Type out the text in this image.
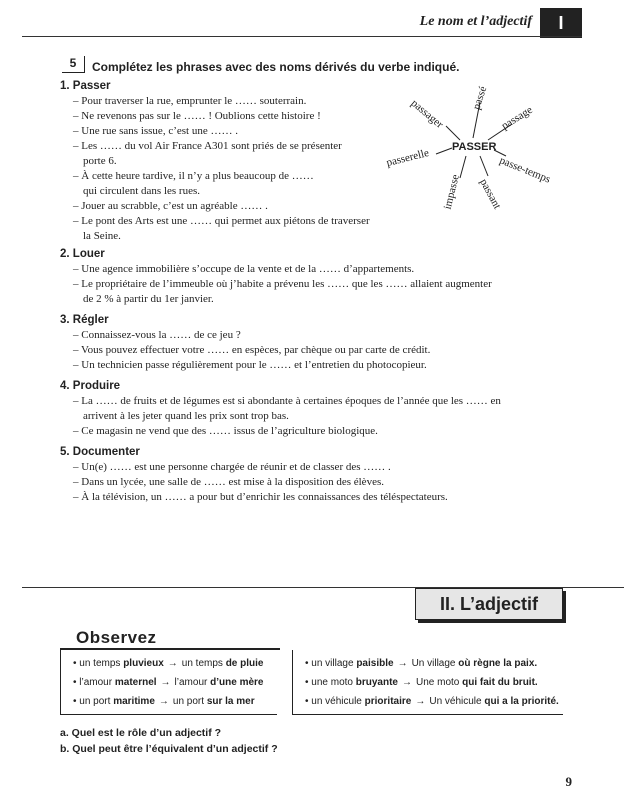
Le nom et l’adjectif	I
5	Complétez les phrases avec des noms dérivés du verbe indiqué.
1. Passer
– Pour traverser la rue, emprunter le …… souterrain.
– Ne revenons pas sur le …… ! Oublions cette histoire !
– Une rue sans issue, c’est une …… .
– Les …… du vol Air France A301 sont priés de se présenter
porte 6.
– À cette heure tardive, il n’y a plus beaucoup de ……
qui circulent dans les rues.
– Jouer au scrabble, c’est un agréable …… .
– Le pont des Arts est une …… qui permet aux piétons de traverser
la Seine.
2. Louer
– Une agence immobilière s’occupe de la vente et de la …… d’appartements.
– Le propriétaire de l’immeuble où j’habite a prévenu les …… que les …… allaient augmenter
de 2 % à partir du 1er janvier.
3. Régler
– Connaissez-vous la …… de ce jeu ?
– Vous pouvez effectuer votre …… en espèces, par chèque ou par carte de crédit.
– Un technicien passe régulièrement pour le …… et l’entretien du photocopieur.
4. Produire
– La …… de fruits et de légumes est si abondante à certaines époques de l’année que les …… en
arrivent à les jeter quand les prix sont trop bas.
– Ce magasin ne vend que des …… issus de l’agriculture biologique.
5. Documenter
– Un(e) …… est une personne chargée de réunir et de classer des …… .
– Dans un lycée, une salle de …… est mise à la disposition des élèves.
– À la télévision, un …… a pour but d’enrichir les connaissances des téléspectateurs.
PASSER
passé
passage
passe-temps
passant
impasse
passerelle
passager
II. L’adjectif
Observez
• un temps pluvieux → un temps de pluie
• l’amour maternel → l’amour d’une mère
• un port maritime → un port sur la mer
• un village paisible → Un village où règne la paix.
• une moto bruyante → Une moto qui fait du bruit.
• un véhicule prioritaire → Un véhicule qui a la priorité.
a. Quel est le rôle d’un adjectif ?
b. Quel peut être l’équivalent d’un adjectif ?
9
